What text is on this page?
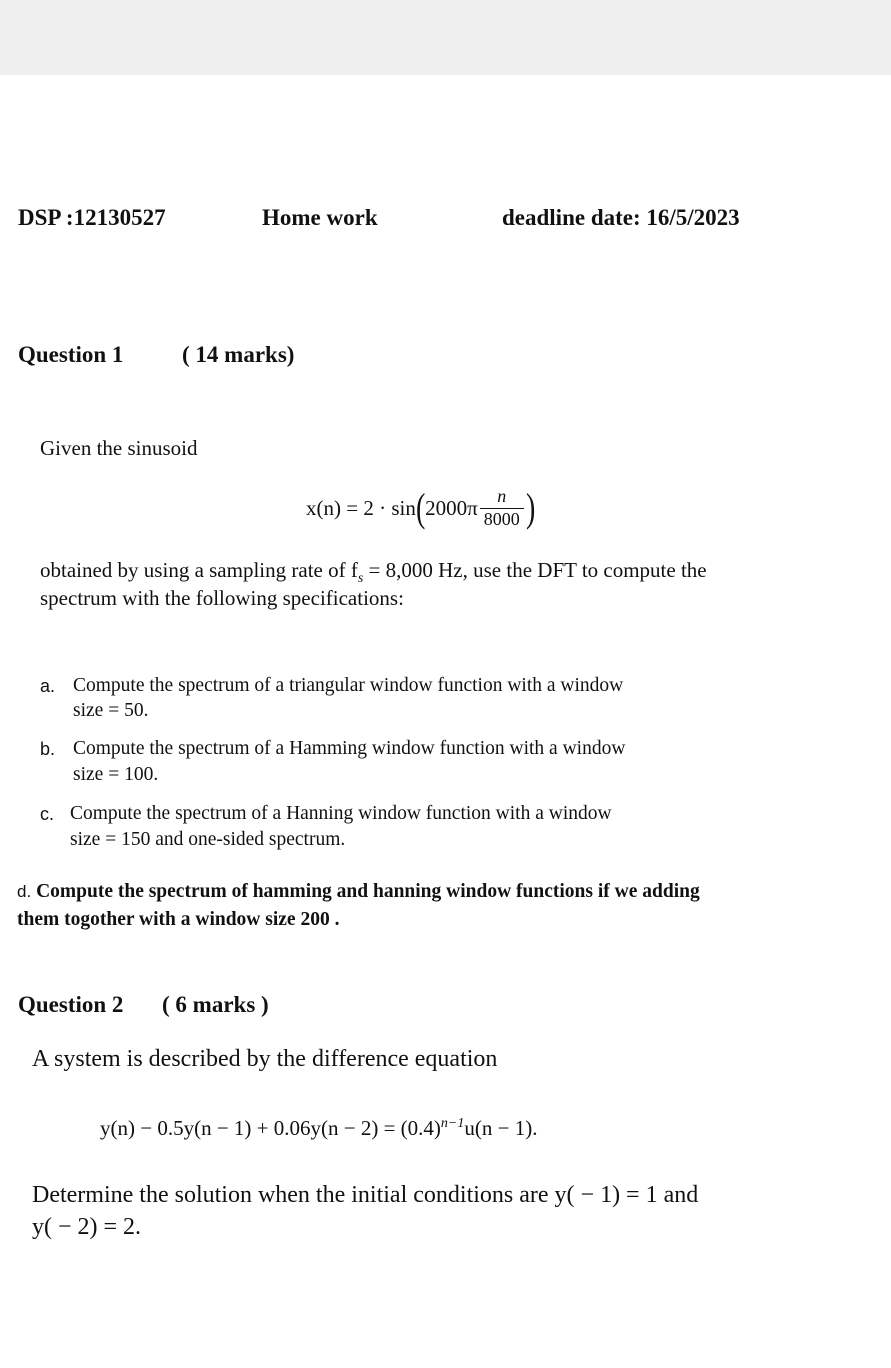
DSP :12130527	Home work	deadline date: 16/5/2023
Question 1	( 14 marks)
Given the sinusoid
x(n) = 2 · sin ( $2000\pi \frac{n}{8000}$ )
obtained by using a sampling rate of $f_s = 8,000$ Hz, use the DFT to compute the
spectrum with the following specifications:
a. Compute the spectrum of a triangular window function with a window
size = 50.
b. Compute the spectrum of a Hamming window function with a window
size = 100.
c. Compute the spectrum of a Hanning window function with a window
size = 150 and one-sided spectrum.
d. Compute the spectrum of hamming and hanning window functions if we adding
them togother with a window size 200 .
Question 2 ( 6 marks )
A system is described by the difference equation
$y(n) - 0.5y(n - 1) + 0.06y(n - 2) = (0.4)^{n-1}u(n - 1)$.
Determine the solution when the initial conditions are y( − 1) = 1 and
y( − 2) = 2.
